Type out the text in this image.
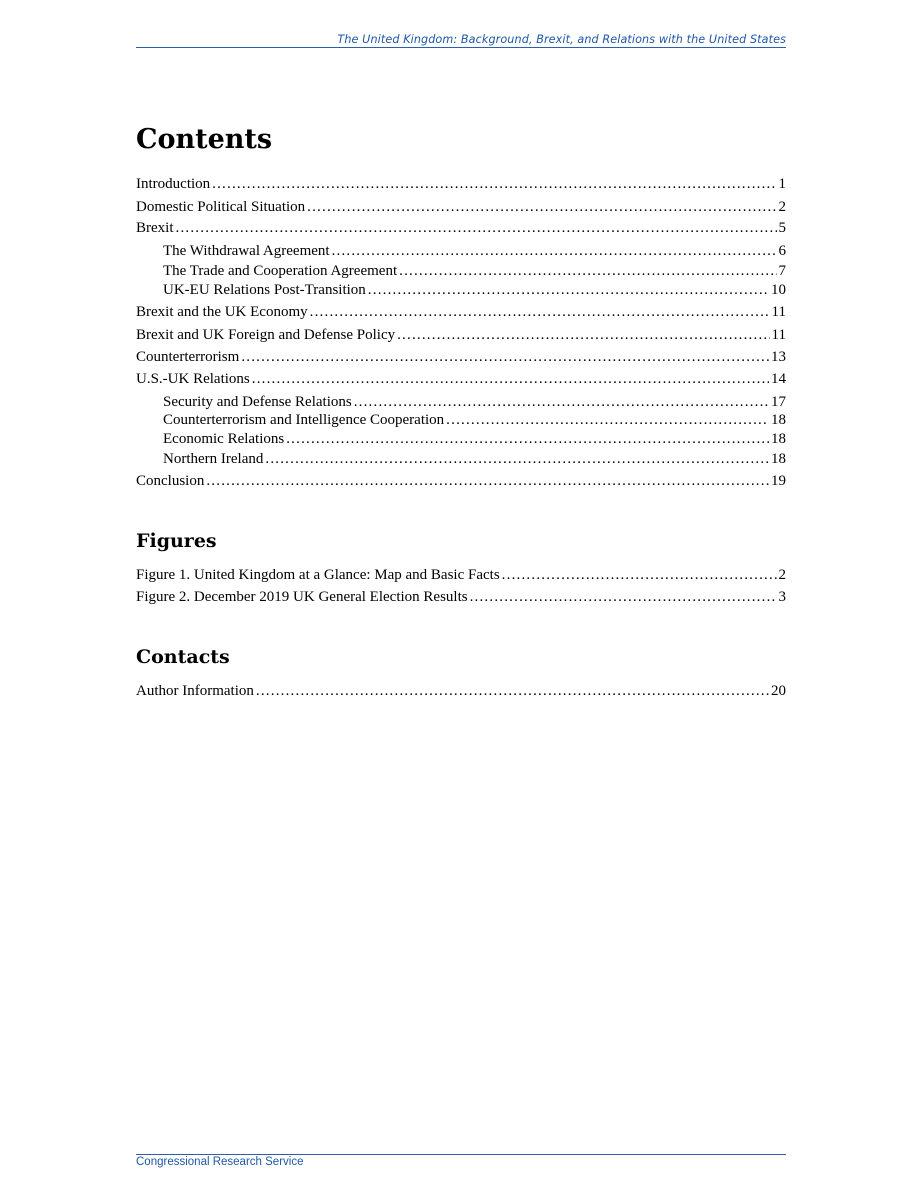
The United Kingdom: Background, Brexit, and Relations with the United States
Contents
Introduction .....	1
Domestic Political Situation .....	2
Brexit .....	5
The Withdrawal Agreement .....	6
The Trade and Cooperation Agreement .....	7
UK-EU Relations Post-Transition .....	10
Brexit and the UK Economy .....	11
Brexit and UK Foreign and Defense Policy .....	11
Counterterrorism .....	13
U.S.-UK Relations .....	14
Security and Defense Relations .....	17
Counterterrorism and Intelligence Cooperation .....	18
Economic Relations .....	18
Northern Ireland .....	18
Conclusion .....	19
Figures
Figure 1. United Kingdom at a Glance: Map and Basic Facts .....	2
Figure 2. December 2019 UK General Election Results .....	3
Contacts
Author Information .....	20
Congressional Research Service
